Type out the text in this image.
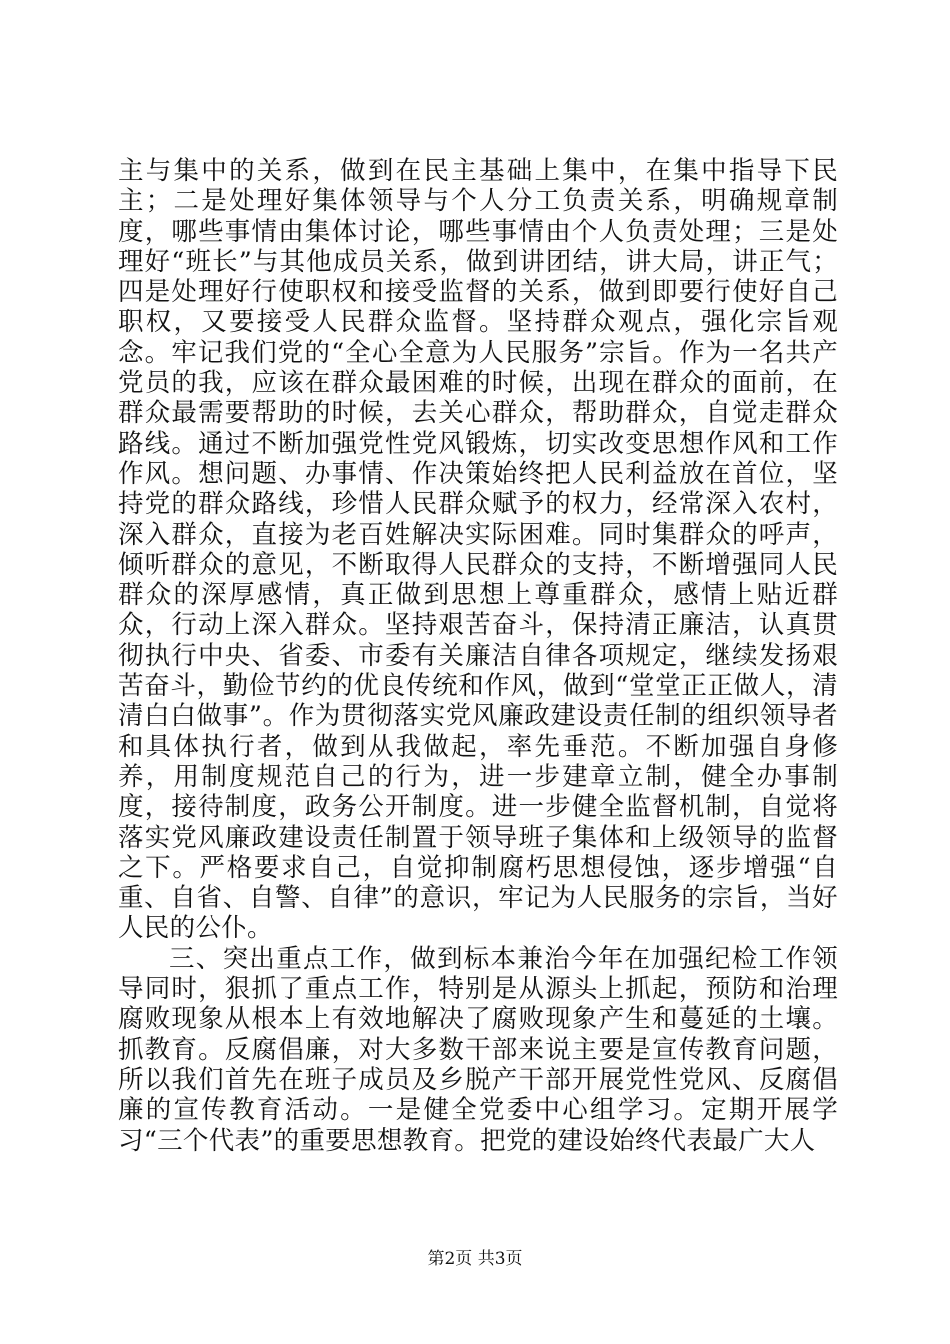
主与集中的关系，做到在民主基础上集中，在集中指导下民主；二是处理好集体领导与个人分工负责关系，明确规章制度，哪些事情由集体讨论，哪些事情由个人负责处理；三是处理好“班长”与其他成员关系，做到讲团结，讲大局，讲正气；四是处理好行使职权和接受监督的关系，做到即要行使好自己职权，又要接受人民群众监督。坚持群众观点，强化宗旨观念。牢记我们党的“全心全意为人民服务”宗旨。作为一名共产党员的我，应该在群众最困难的时候，出现在群众的面前，在群众最需要帮助的时候，去关心群众，帮助群众，自觉走群众路线。通过不断加强党性党风锻炼，切实改变思想作风和工作作风。想问题、办事情、作决策始终把人民利益放在首位，坚持党的群众路线，珍惜人民群众赋予的权力，经常深入农村，深入群众，直接为老百姓解决实际困难。同时集群众的呼声，倾听群众的意见，不断取得人民群众的支持，不断增强同人民群众的深厚感情，真正做到思想上尊重群众，感情上贴近群众，行动上深入群众。坚持艰苦奋斗，保持清正廉洁，认真贯彻执行中央、省委、市委有关廉洁自律各项规定，继续发扬艰苦奋斗，勤俭节约的优良传统和作风，做到“堂堂正正做人，清清白白做事”。作为贯彻落实党风廉政建设责任制的组织领导者和具体执行者，做到从我做起，率先垂范。不断加强自身修养，用制度规范自己的行为，进一步建章立制，健全办事制度，接待制度，政务公开制度。进一步健全监督机制，自觉将落实党风廉政建设责任制置于领导班子集体和上级领导的监督之下。严格要求自己，自觉抑制腐朽思想侵蚀，逐步增强“自重、自省、自警、自律”的意识，牢记为人民服务的宗旨，当好人民的公仆。

三、突出重点工作，做到标本兼治今年在加强纪检工作领导同时，狠抓了重点工作，特别是从源头上抓起，预防和治理腐败现象从根本上有效地解决了腐败现象产生和蔓延的土壤。抓教育。反腐倡廉，对大多数干部来说主要是宣传教育问题，所以我们首先在班子成员及乡脱产干部开展党性党风、反腐倡廉的宣传教育活动。一是健全党委中心组学习。定期开展学习“三个代表”的重要思想教育。把党的建设始终代表最广大人

第2页 共3页
